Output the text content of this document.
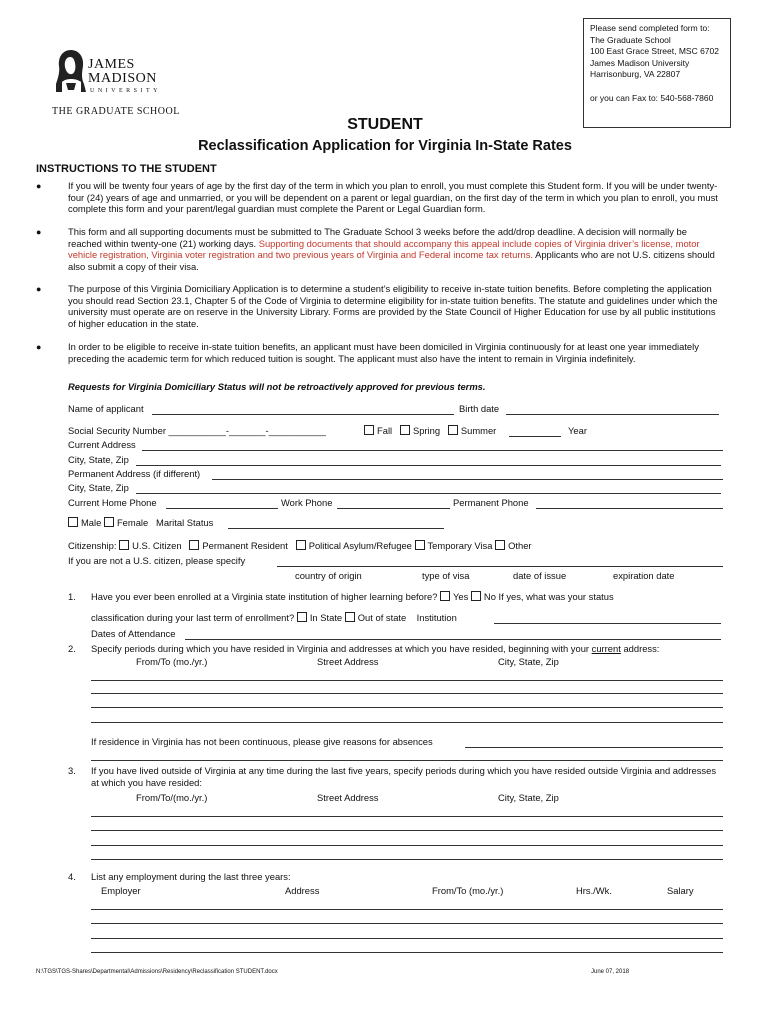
JAMES MADISON
UNIVERSITY
THE GRADUATE SCHOOL
Please send completed form to:
The Graduate School
100 East Grace Street, MSC 6702
James Madison University
Harrisonburg, VA 22807
or you can Fax to: 540-568-7860
STUDENT
Reclassification Application for Virginia In-State Rates
INSTRUCTIONS TO THE STUDENT
●	If you will be twenty four years of age by the first day of the term in which you plan to enroll, you must complete this Student form. If you will be under twenty-four (24) years of age and unmarried, or you will be dependent on a parent or legal guardian, on the first day of the term in which you plan to enroll, you must complete this form and your parent/legal guardian must complete the Parent or Legal Guardian form.
●	This form and all supporting documents must be submitted to The Graduate School 3 weeks before the add/drop deadline. A decision will normally be reached within twenty-one (21) working days. Supporting documents that should accompany this appeal include copies of Virginia driver’s license, motor vehicle registration, Virginia voter registration and two previous years of Virginia and Federal income tax returns. Applicants who are not U.S. citizens should also submit a copy of their visa.
●	The purpose of this Virginia Domiciliary Application is to determine a student’s eligibility to receive in-state tuition benefits. Before completing the application you should read Section 23.1, Chapter 5 of the Code of Virginia to determine eligibility for in-state tuition benefits. The statute and guidelines under which the university must operate are on reserve in the University Library. Forms are provided by the State Council of Higher Education for use by all public institutions of higher education in the state.
●	In order to be eligible to receive in-state tuition benefits, an applicant must have been domiciled in Virginia continuously for at least one year immediately preceding the academic term for which reduced tuition is sought. The applicant must also have the intent to remain in Virginia indefinitely.
Requests for Virginia Domiciliary Status will not be retroactively approved for previous terms.
Name of applicant	Birth date
Social Security Number ___________-_______-___________	Fall Spring Summer	Year
Current Address
City, State, Zip
Permanent Address (if different)
City, State, Zip
Current Home Phone	Work Phone	Permanent Phone
Male Female Marital Status
Citizenship: U.S. Citizen Permanent Resident Political Asylum/Refugee Temporary Visa Other
If you are not a U.S. citizen, please specify
country of origin	type of visa	date of issue	expiration date
1. Have you ever been enrolled at a Virginia state institution of higher learning before? Yes No If yes, what was your status
classification during your last term of enrollment? In State Out of state Institution
Dates of Attendance
2. Specify periods during which you have resided in Virginia and addresses at which you have resided, beginning with your current address:
From/To (mo./yr.)	Street Address	City, State, Zip
If residence in Virginia has not been continuous, please give reasons for absences
3. If you have lived outside of Virginia at any time during the last five years, specify periods during which you have resided outside Virginia and addresses at which you have resided:
From/To/(mo./yr.)	Street Address	City, State, Zip
4. List any employment during the last three years:
Employer	Address	From/To (mo./yr.)	Hrs./Wk.	Salary
N:\TGS\TGS-Shares\Departmental\Admissions\Residency\Reclassification STUDENT.docx	June 07, 2018
